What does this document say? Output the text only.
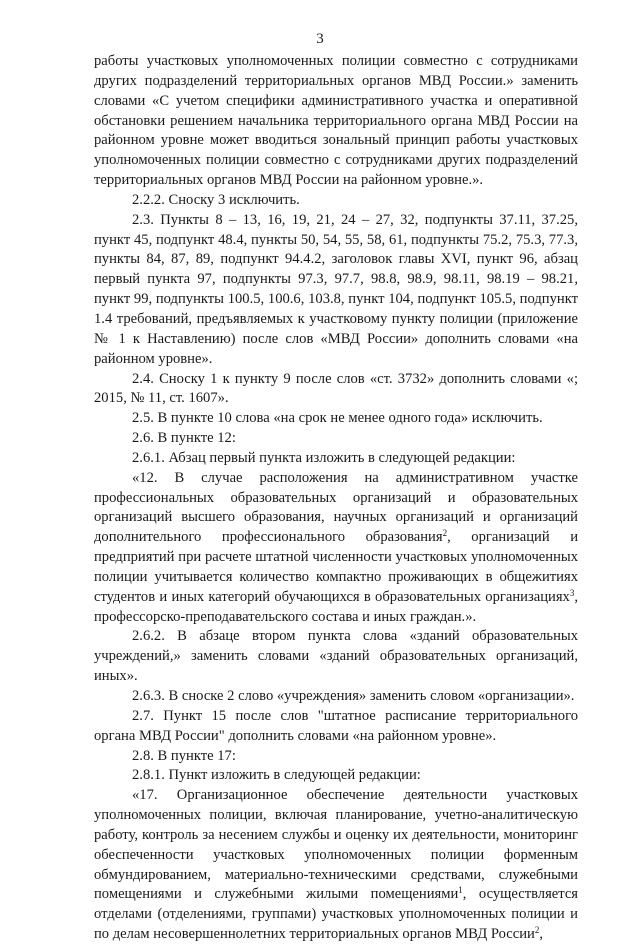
3

работы участковых уполномоченных полиции совместно с сотрудниками других подразделений территориальных органов МВД России.» заменить словами «С учетом специфики административного участка и оперативной обстановки решением начальника территориального органа МВД России на районном уровне может вводиться зональный принцип работы участковых уполномоченных полиции совместно с сотрудниками других подразделений территориальных органов МВД России на районном уровне.».

2.2.2. Сноску 3 исключить.

2.3. Пункты 8 – 13, 16, 19, 21, 24 – 27, 32, подпункты 37.11, 37.25, пункт 45, подпункт 48.4, пункты 50, 54, 55, 58, 61, подпункты 75.2, 75.3, 77.3, пункты 84, 87, 89, подпункт 94.4.2, заголовок главы XVI, пункт 96, абзац первый пункта 97, подпункты 97.3, 97.7, 98.8, 98.9, 98.11, 98.19 – 98.21, пункт 99, подпункты 100.5, 100.6, 103.8, пункт 104, подпункт 105.5, подпункт 1.4 требований, предъявляемых к участковому пункту полиции (приложение № 1 к Наставлению) после слов «МВД России» дополнить словами «на районном уровне».

2.4. Сноску 1 к пункту 9 после слов «ст. 3732» дополнить словами «; 2015, № 11, ст. 1607».

2.5. В пункте 10 слова «на срок не менее одного года» исключить.

2.6. В пункте 12:

2.6.1. Абзац первый пункта изложить в следующей редакции:

«12. В случае расположения на административном участке профессиональных образовательных организаций и образовательных организаций высшего образования, научных организаций и организаций дополнительного профессионального образования$^2$, организаций и предприятий при расчете штатной численности участковых уполномоченных полиции учитывается количество компактно проживающих в общежитиях студентов и иных категорий обучающихся в образовательных организациях$^3$, профессорско-преподавательского состава и иных граждан.».

2.6.2. В абзаце втором пункта слова «зданий образовательных учреждений,» заменить словами «зданий образовательных организаций, иных».

2.6.3. В сноске 2 слово «учреждения» заменить словом «организации».

2.7. Пункт 15 после слов "штатное расписание территориального органа МВД России" дополнить словами «на районном уровне».

2.8. В пункте 17:

2.8.1. Пункт изложить в следующей редакции:

«17. Организационное обеспечение деятельности участковых уполномоченных полиции, включая планирование, учетно-аналитическую работу, контроль за несением службы и оценку их деятельности, мониторинг обеспеченности участковых уполномоченных полиции форменным обмундированием, материально-техническими средствами, служебными помещениями и служебными жилыми помещениями$^1$, осуществляется отделами (отделениями, группами) участковых уполномоченных полиции и по делам несовершеннолетних территориальных органов МВД России$^2$,
